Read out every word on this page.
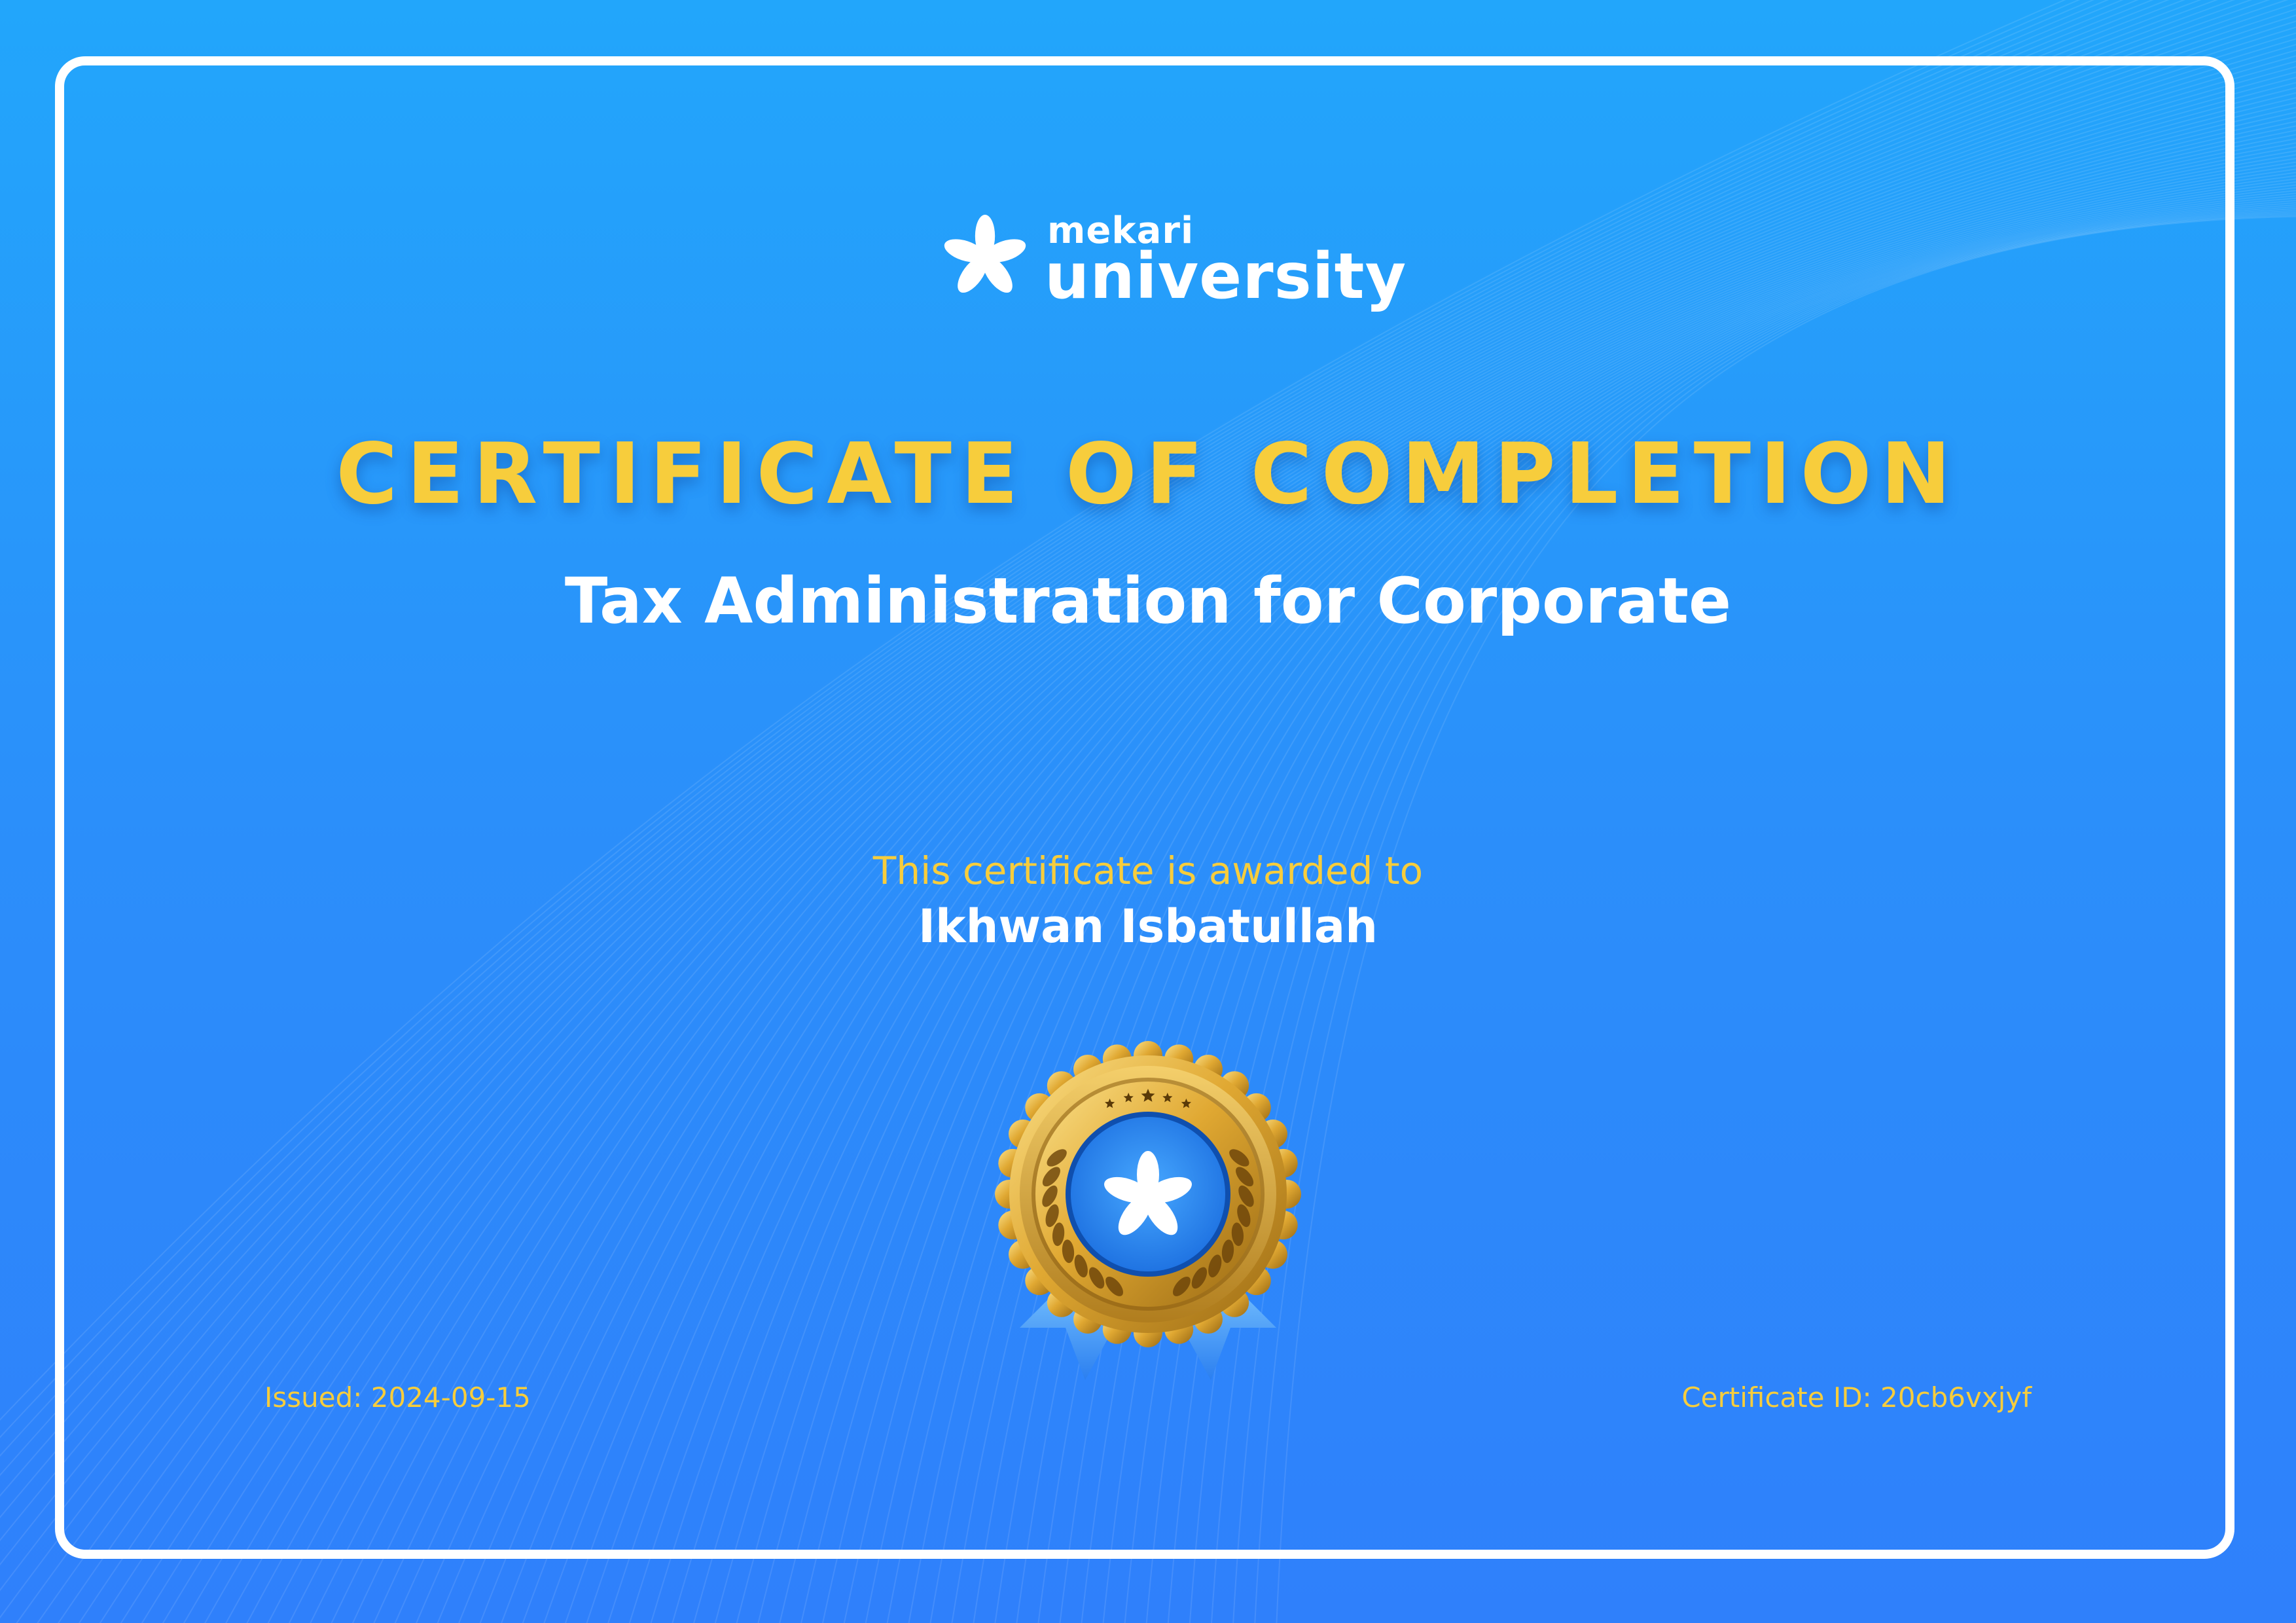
mekari
university
CERTIFICATE OF COMPLETION
Tax Administration for Corporate
This certificate is awarded to
Ikhwan Isbatullah
Issued: 2024-09-15	Certificate ID: 20cb6vxjyf
